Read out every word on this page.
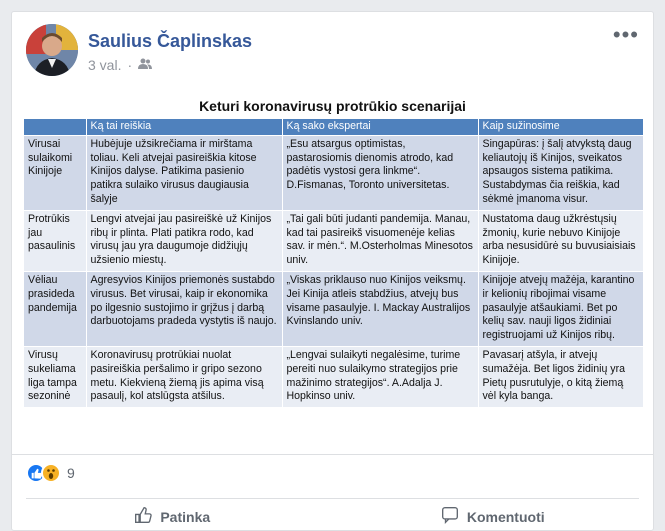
Saulius Čaplinskas
3 val. ·
•••
Keturi koronavirusų protrūkio scenarijai
	Ką tai reiškia	Ką sako ekspertai	Kaip sužinosime
Virusai sulaikomi Kinijoje	Hubėjuje užsikrečiama ir mirštama toliau. Keli atvejai pasireiškia kitose Kinijos dalyse. Patikima pasienio patikra sulaiko virusus daugiausia šalyje	„Esu atsargus optimistas, pastarosiomis dienomis atrodo, kad padėtis vystosi gera linkme“. D.Fismanas, Toronto universitetas.	Singapūras: į šalį atvykstą daug keliautojų iš Kinijos, sveikatos apsaugos sistema patikima. Sustabdymas čia reiškia, kad sėkmė įmanoma visur.
Protrūkis jau pasaulinis	Lengvi atvejai jau pasireiškė už Kinijos ribų ir plinta. Plati patikra rodo, kad virusų jau yra daugumoje didžiųjų užsienio miestų.	„Tai gali būti judanti pandemija. Manau, kad tai pasireikš visuomenėje kelias sav. ir mėn.“. M.Osterholmas Minesotos univ.	Nustatoma daug užkrėstųsių žmonių, kurie nebuvo Kinijoje arba nesusidūrė su buvusiaisiais Kinijoje.
Vėliau prasideda pandemija	Agresyvios Kinijos priemonės sustabdo virusus. Bet virusai, kaip ir ekonomika po ilgesnio sustojimo ir grįžus į darbą darbuotojams pradeda vystytis iš naujo.	„Viskas priklauso nuo Kinijos veiksmų. Jei Kinija atleis stabdžius, atvejų bus visame pasaulyje. I. Mackay Australijos Kvinslando univ.	Kinijoje atvejų mažėja, karantino ir kelionių ribojimai visame pasaulyje atšaukiami. Bet po kelių sav. nauji ligos židiniai registruojami už Kinijos ribų.
Virusų sukeliama liga tampa sezoninė	Koronavirusų protrūkiai nuolat pasireiškia peršalimo ir gripo sezono metu. Kiekvieną žiemą jis apima visą pasaulį, kol atslūgsta atšilus.	„Lengvai sulaikyti negalėsime, turime pereiti nuo sulaikymo strategijos prie mažinimo strategijos“. A.Adalja J. Hopkinso univ.	Pavasarį atšyla, ir atvejų sumažėja. Bet ligos židinių yra Pietų pusrutulyje, o kitą žiemą vėl kyla banga.
9
Patinka	Komentuoti
